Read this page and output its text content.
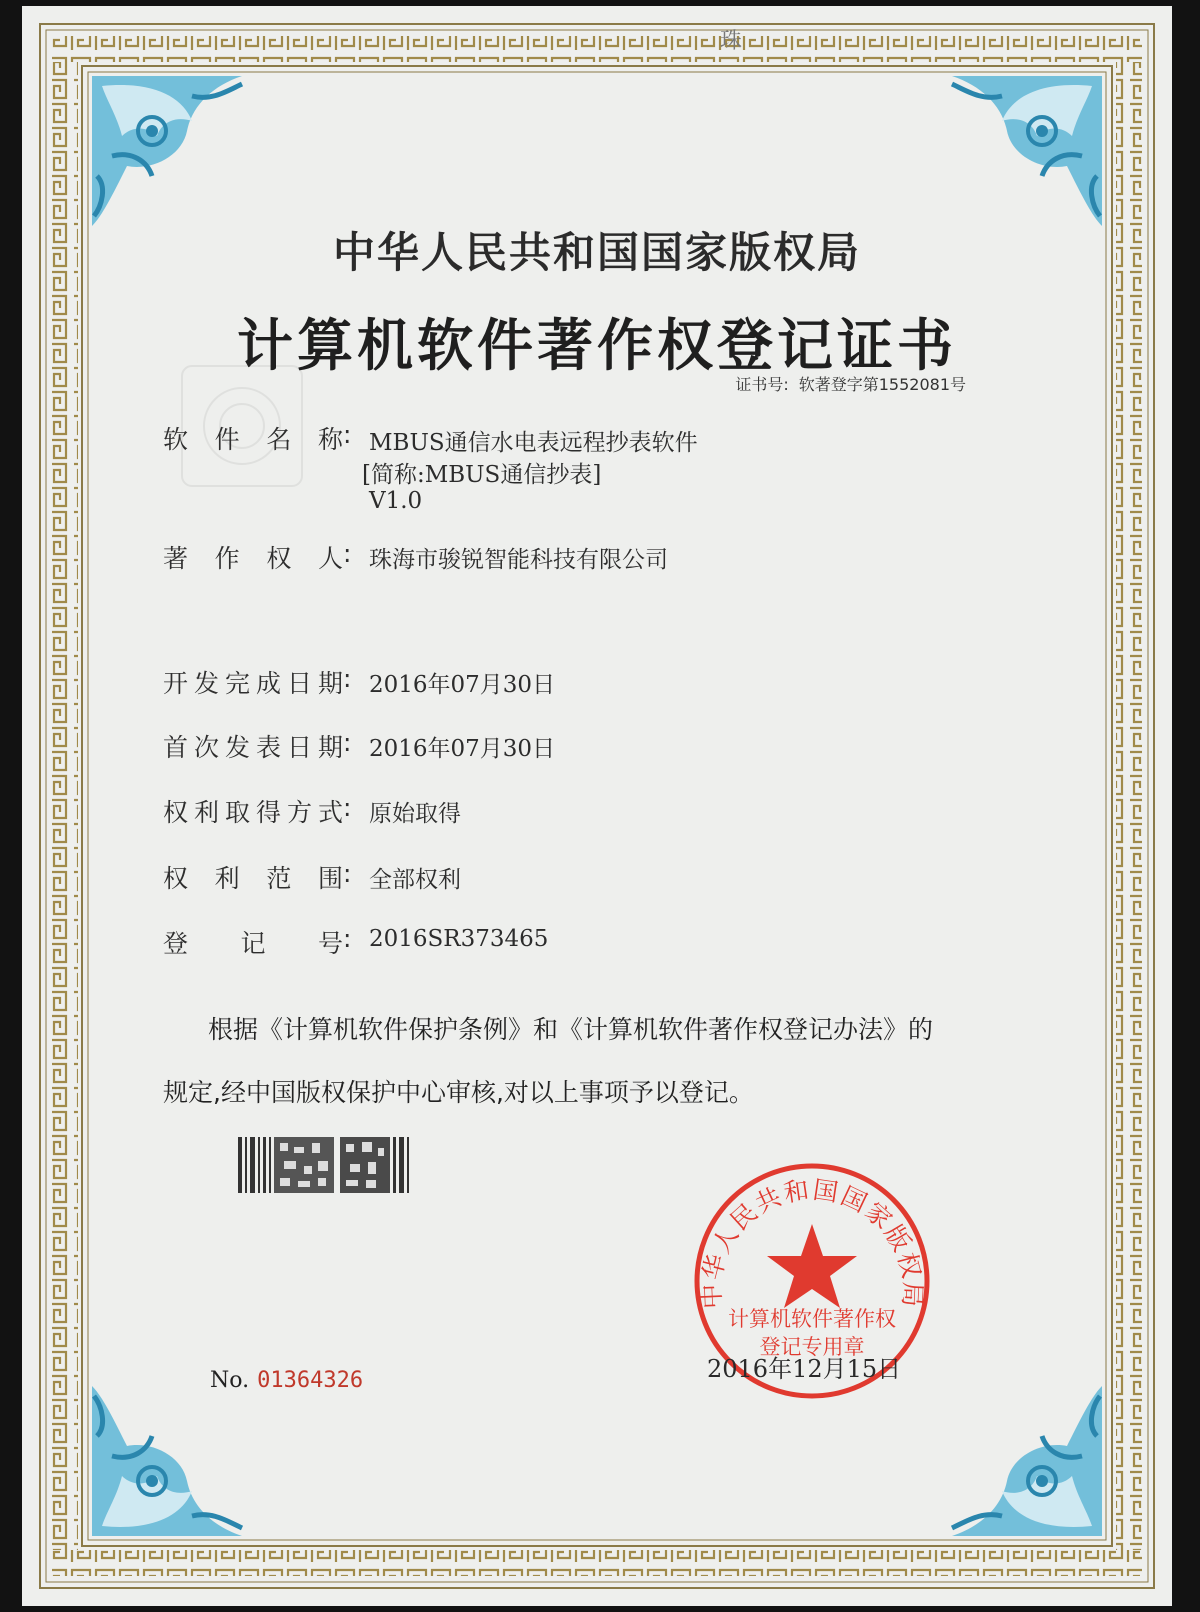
中华人民共和国国家版权局
计算机软件著作权
登记专用章
珠
中华人民共和国国家版权局
计算机软件著作权登记证书
证书号: 软著登字第1552081号
软件名称 : MBUS通信水电表远程抄表软件
[简称:MBUS通信抄表]
V1.0
著作权人 : 珠海市骏锐智能科技有限公司
开发完成日期 : 2016年07月30日
首次发表日期 : 2016年07月30日
权利取得方式 : 原始取得
权利范围 : 全部权利
登记号 : 2016SR373465
根据《计算机软件保护条例》和《计算机软件著作权登记办法》的
规定,经中国版权保护中心审核,对以上事项予以登记。
No. 01364326	2016年12月15日
